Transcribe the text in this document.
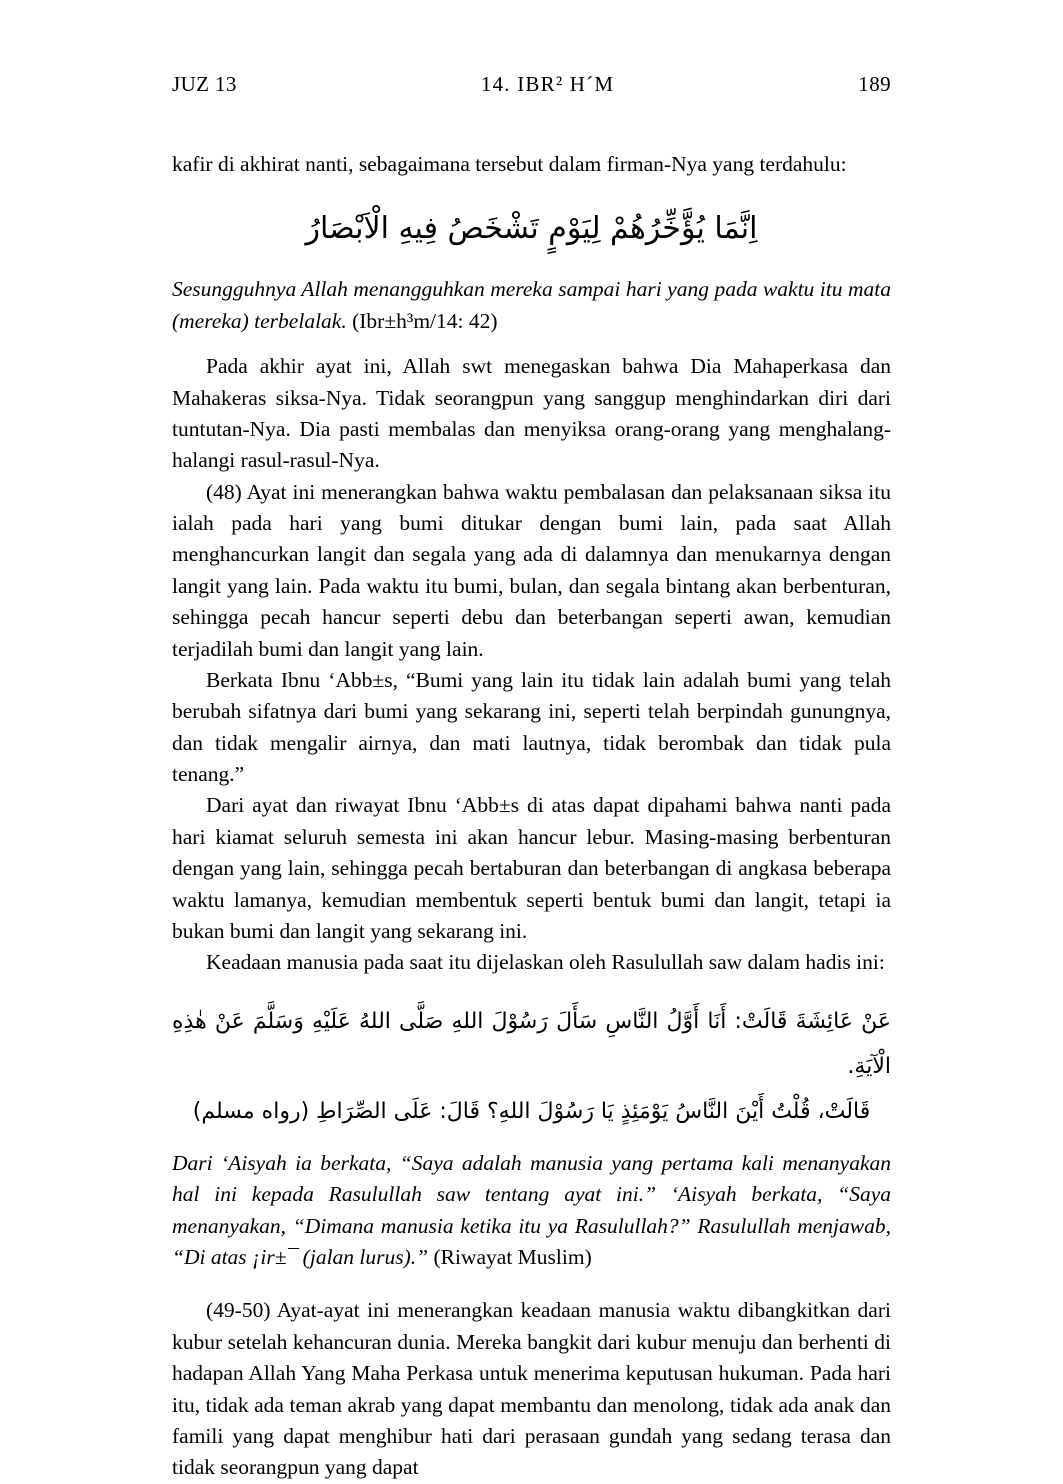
JUZ 13	14. IBR² H´M	189

kafir di akhirat nanti, sebagaimana tersebut dalam firman-Nya yang terdahulu:

اِنَّمَا يُؤَّخِّرُهُمْ لِيَوْمٍ تَشْخَصُ فِيهِ الْاَبْصَارُ

Sesungguhnya Allah menangguhkan mereka sampai hari yang pada waktu itu mata (mereka) terbelalak. (Ibr±h³m/14: 42)

Pada akhir ayat ini, Allah swt menegaskan bahwa Dia Mahaperkasa dan Mahakeras siksa-Nya. Tidak seorangpun yang sanggup menghindarkan diri dari tuntutan-Nya. Dia pasti membalas dan menyiksa orang-orang yang menghalang-halangi rasul-rasul-Nya.

(48) Ayat ini menerangkan bahwa waktu pembalasan dan pelaksanaan siksa itu ialah pada hari yang bumi ditukar dengan bumi lain, pada saat Allah menghancurkan langit dan segala yang ada di dalamnya dan menukarnya dengan langit yang lain. Pada waktu itu bumi, bulan, dan segala bintang akan berbenturan, sehingga pecah hancur seperti debu dan beterbangan seperti awan, kemudian terjadilah bumi dan langit yang lain.

Berkata Ibnu ‘Abb±s, “Bumi yang lain itu tidak lain adalah bumi yang telah berubah sifatnya dari bumi yang sekarang ini, seperti telah berpindah gunungnya, dan tidak mengalir airnya, dan mati lautnya, tidak berombak dan tidak pula tenang.”

Dari ayat dan riwayat Ibnu ‘Abb±s di atas dapat dipahami bahwa nanti pada hari kiamat seluruh semesta ini akan hancur lebur. Masing-masing berbenturan dengan yang lain, sehingga pecah bertaburan dan beterbangan di angkasa beberapa waktu lamanya, kemudian membentuk seperti bentuk bumi dan langit, tetapi ia bukan bumi dan langit yang sekarang ini.

Keadaan manusia pada saat itu dijelaskan oleh Rasulullah saw dalam hadis ini:

عَنْ عَائِشَةَ قَالَتْ: أَنَا أَوَّلُ النَّاسِ سَأَلَ رَسُوْلَ اللهِ صَلَّى اللهُ عَلَيْهِ وَسَلَّمَ عَنْ هٰذِهِ الْآيَةِ.
قَالَتْ، قُلْتُ أَيْنَ النَّاسُ يَوْمَئِذٍ يَا رَسُوْلَ اللهِ؟ قَالَ: عَلَى الصِّرَاطِ (رواه مسلم)

Dari ‘Aisyah ia berkata, “Saya adalah manusia yang pertama kali menanyakan hal ini kepada Rasulullah saw tentang ayat ini.” ‘Aisyah berkata, “Saya menanyakan, “Dimana manusia ketika itu ya Rasulullah?” Rasulullah menjawab, “Di atas ¡ir±¯ (jalan lurus).” (Riwayat Muslim)

(49-50) Ayat-ayat ini menerangkan keadaan manusia waktu dibangkitkan dari kubur setelah kehancuran dunia. Mereka bangkit dari kubur menuju dan berhenti di hadapan Allah Yang Maha Perkasa untuk menerima keputusan hukuman. Pada hari itu, tidak ada teman akrab yang dapat membantu dan menolong, tidak ada anak dan famili yang dapat menghibur hati dari perasaan gundah yang sedang terasa dan tidak seorangpun yang dapat
